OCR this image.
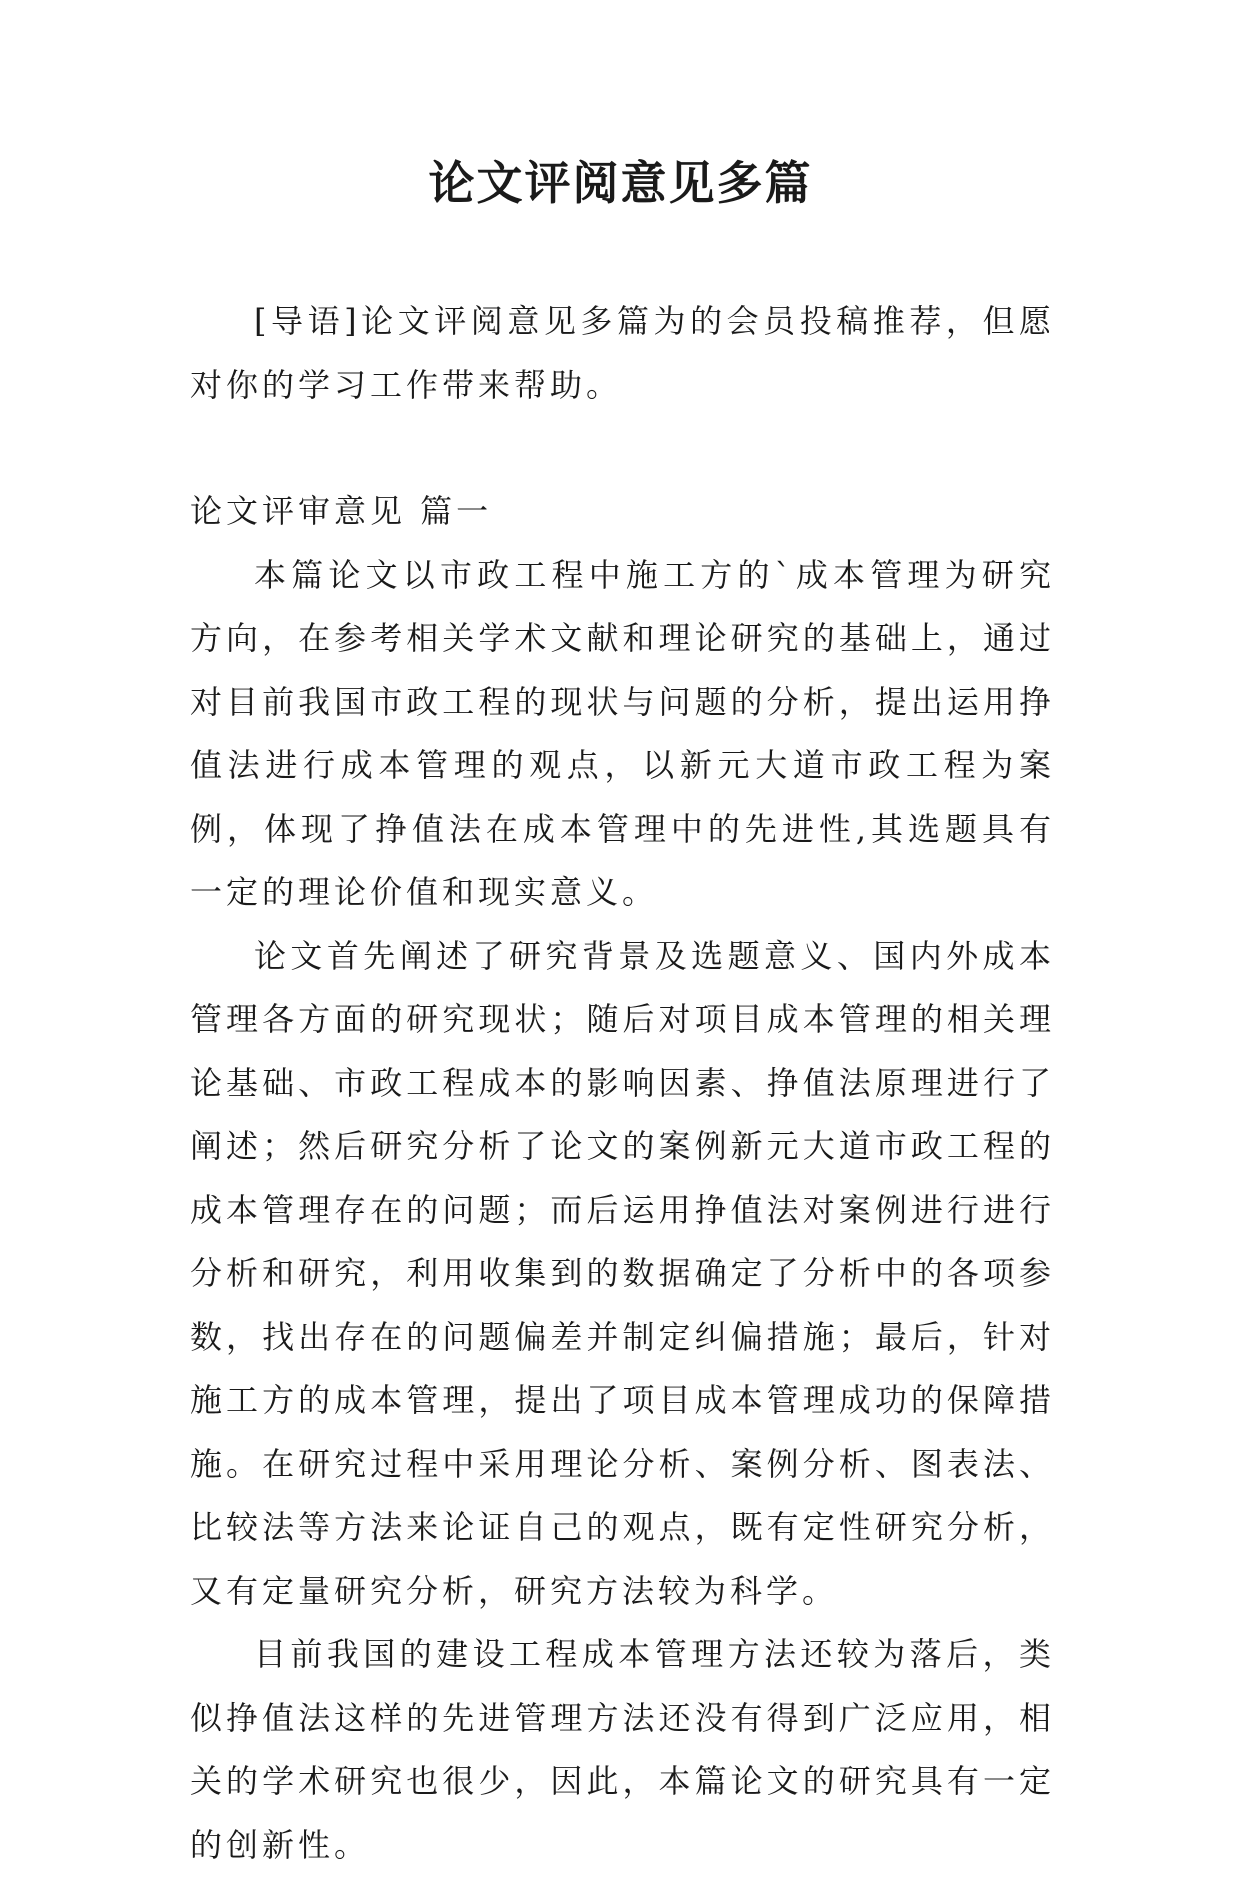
论文评阅意见多篇

[导语]论文评阅意见多篇为的会员投稿推荐，但愿对你的学习工作带来帮助。

论文评审意见 篇一

本篇论文以市政工程中施工方的`成本管理为研究方向，在参考相关学术文献和理论研究的基础上，通过对目前我国市政工程的现状与问题的分析，提出运用挣值法进行成本管理的观点，以新元大道市政工程为案例，体现了挣值法在成本管理中的先进性,其选题具有一定的理论价值和现实意义。

论文首先阐述了研究背景及选题意义、国内外成本管理各方面的研究现状；随后对项目成本管理的相关理论基础、市政工程成本的影响因素、挣值法原理进行了阐述；然后研究分析了论文的案例新元大道市政工程的成本管理存在的问题；而后运用挣值法对案例进行进行分析和研究，利用收集到的数据确定了分析中的各项参数，找出存在的问题偏差并制定纠偏措施；最后，针对施工方的成本管理，提出了项目成本管理成功的保障措施。在研究过程中采用理论分析、案例分析、图表法、比较法等方法来论证自己的观点，既有定性研究分析，又有定量研究分析，研究方法较为科学。

目前我国的建设工程成本管理方法还较为落后，类似挣值法这样的先进管理方法还没有得到广泛应用，相关的学术研究也很少，因此，本篇论文的研究具有一定的创新性。
